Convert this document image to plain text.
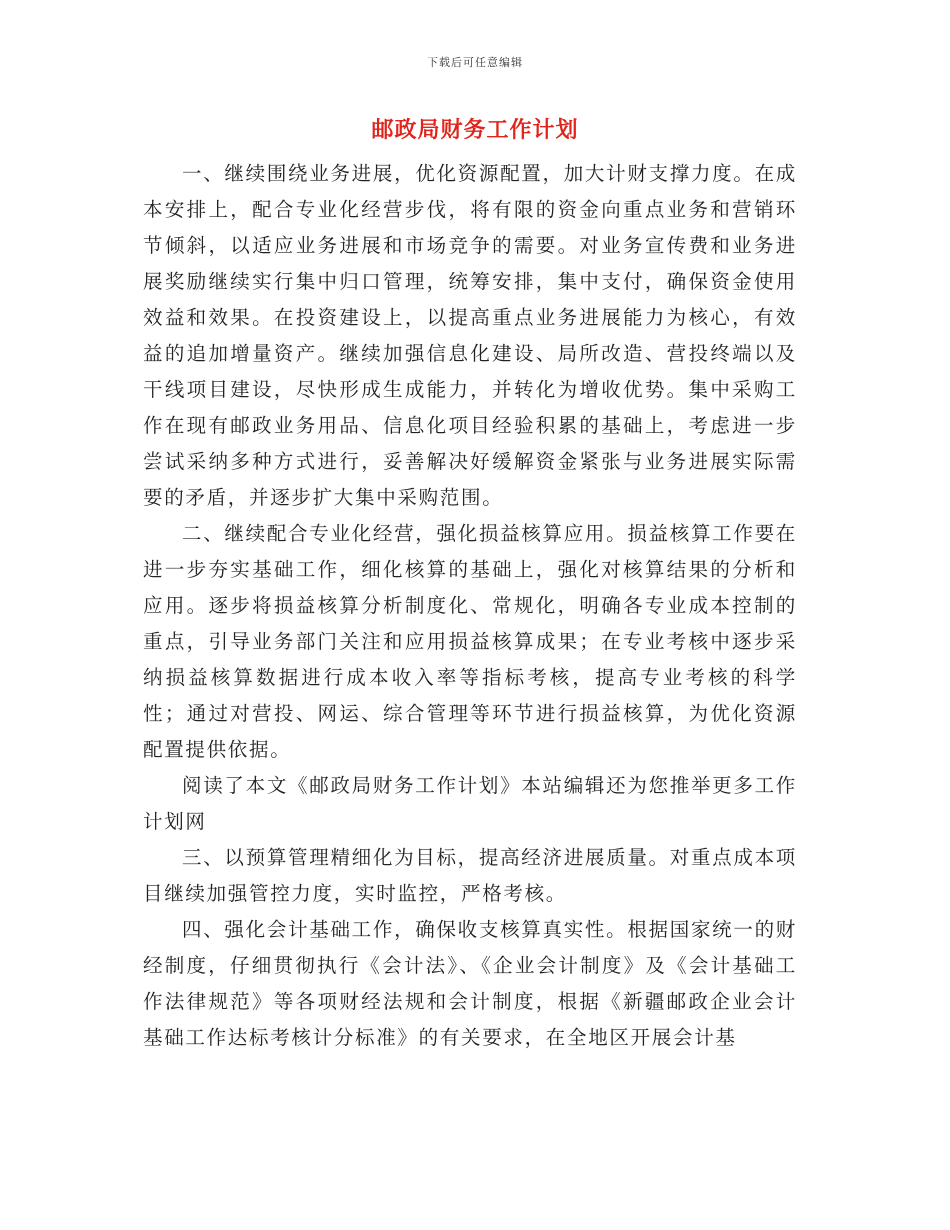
下载后可任意编辑
邮政局财务工作计划

一、继续围绕业务进展，优化资源配置，加大计财支撑力度。在成本安排上，配合专业化经营步伐，将有限的资金向重点业务和营销环节倾斜，以适应业务进展和市场竞争的需要。对业务宣传费和业务进展奖励继续实行集中归口管理，统筹安排，集中支付，确保资金使用效益和效果。在投资建设上，以提高重点业务进展能力为核心，有效益的追加增量资产。继续加强信息化建设、局所改造、营投终端以及干线项目建设，尽快形成生成能力，并转化为增收优势。集中采购工作在现有邮政业务用品、信息化项目经验积累的基础上，考虑进一步尝试采纳多种方式进行，妥善解决好缓解资金紧张与业务进展实际需要的矛盾，并逐步扩大集中采购范围。

二、继续配合专业化经营，强化损益核算应用。损益核算工作要在进一步夯实基础工作，细化核算的基础上，强化对核算结果的分析和应用。逐步将损益核算分析制度化、常规化，明确各专业成本控制的重点，引导业务部门关注和应用损益核算成果；在专业考核中逐步采纳损益核算数据进行成本收入率等指标考核，提高专业考核的科学性；通过对营投、网运、综合管理等环节进行损益核算，为优化资源配置提供依据。

阅读了本文《邮政局财务工作计划》本站编辑还为您推举更多工作计划网

三、以预算管理精细化为目标，提高经济进展质量。对重点成本项目继续加强管控力度，实时监控，严格考核。

四、强化会计基础工作，确保收支核算真实性。根据国家统一的财经制度，仔细贯彻执行《会计法》、《企业会计制度》及《会计基础工作法律规范》等各项财经法规和会计制度，根据《新疆邮政企业会计基础工作达标考核计分标准》的有关要求，在全地区开展会计基
